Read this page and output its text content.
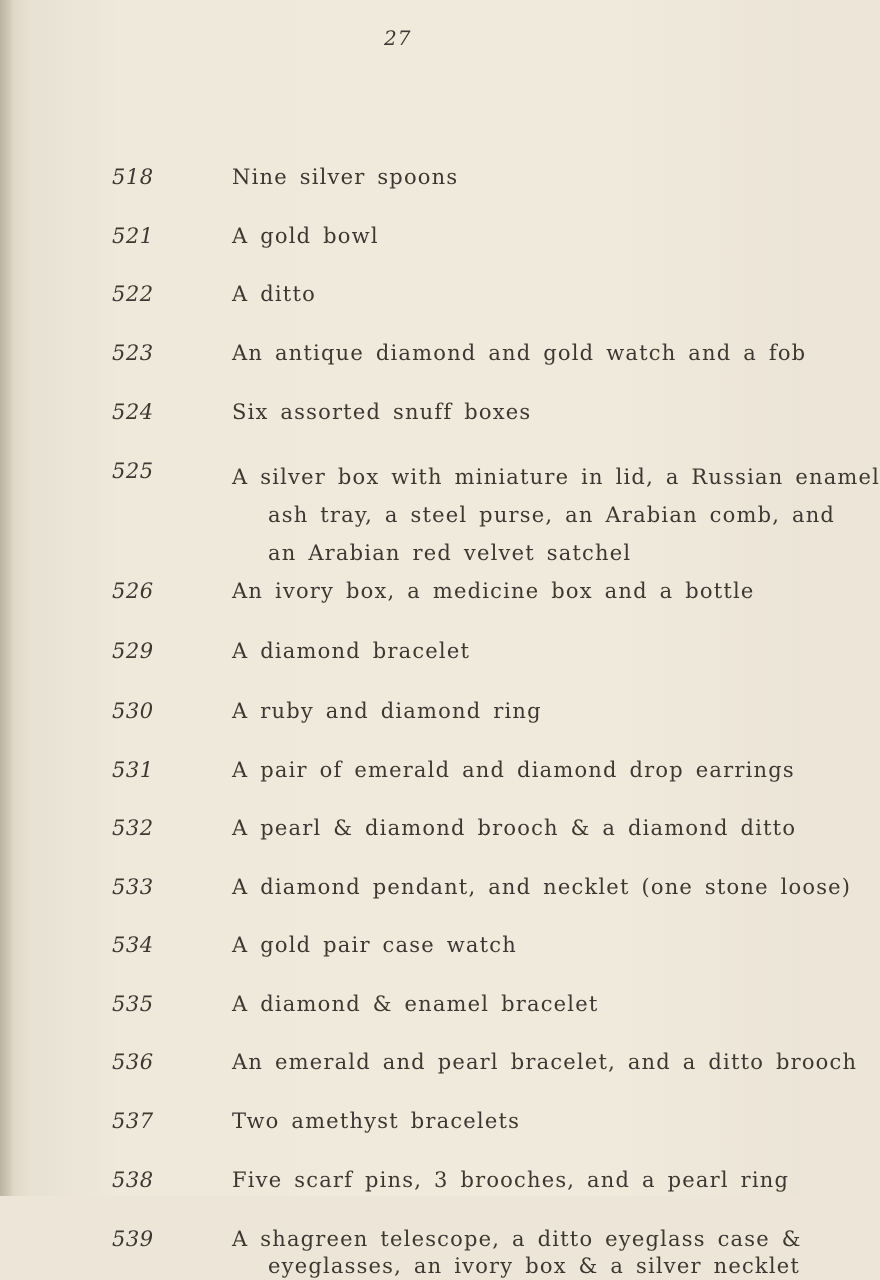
27
518	Nine silver spoons
521	A gold bowl
522	A ditto
523	An antique diamond and gold watch and a fob
524	Six assorted snuff boxes
525	A silver box with miniature in lid, a Russian enamel
ash tray, a steel purse, an Arabian comb, and
an Arabian red velvet satchel
526	An ivory box, a medicine box and a bottle
529	A diamond bracelet
530	A ruby and diamond ring
531	A pair of emerald and diamond drop earrings
532	A pearl & diamond brooch & a diamond ditto
533	A diamond pendant, and necklet (one stone loose)
534	A gold pair case watch
535	A diamond & enamel bracelet
536	An emerald and pearl bracelet, and a ditto brooch
537	Two amethyst bracelets
538	Five scarf pins, 3 brooches, and a pearl ring
539	A shagreen telescope, a ditto eyeglass case &
eyeglasses, an ivory box & a silver necklet
